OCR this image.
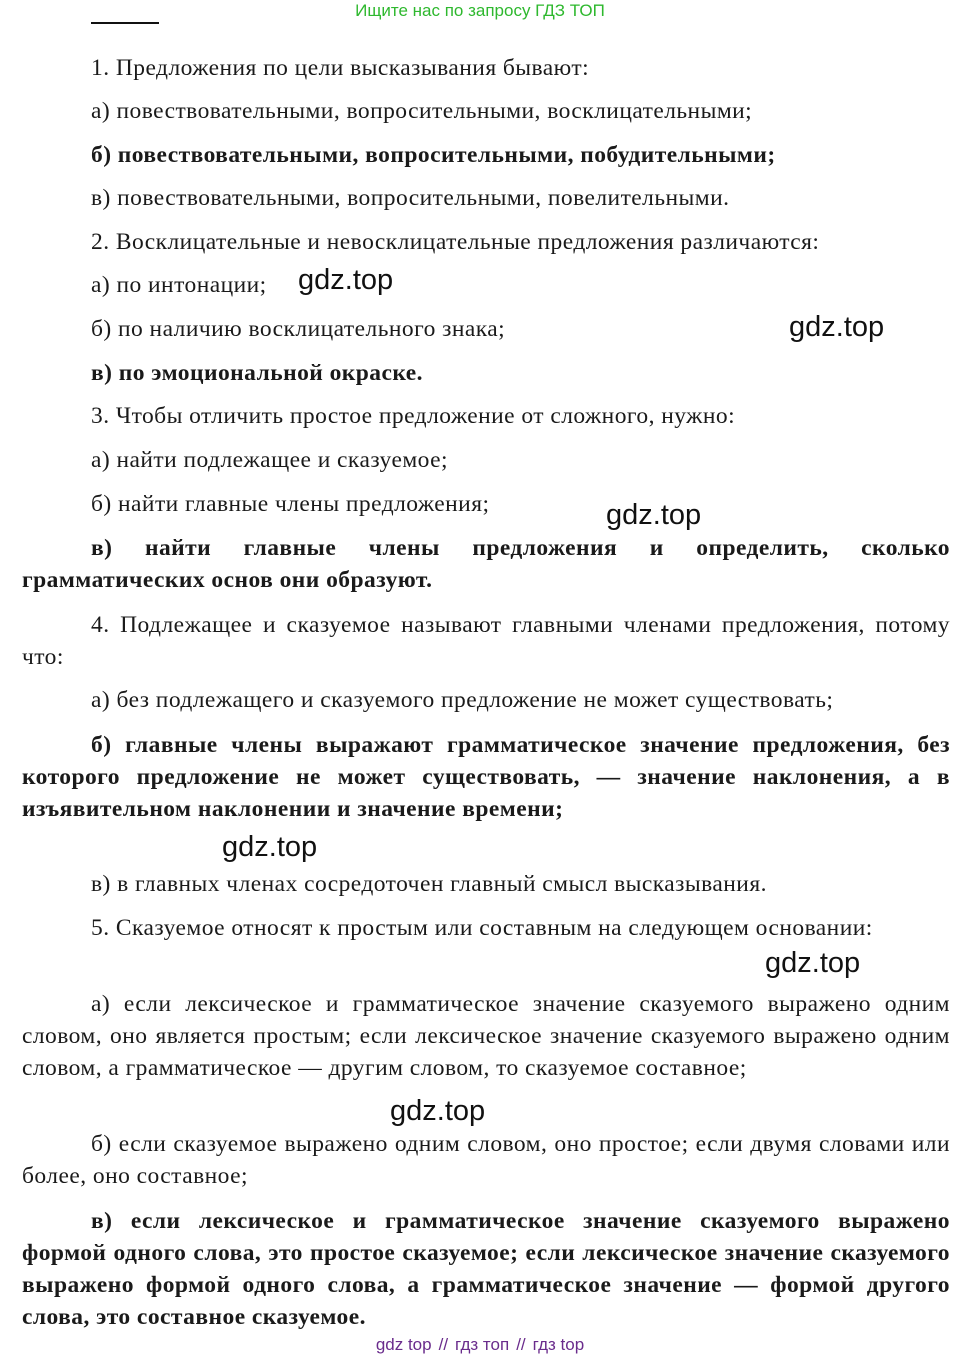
Ищите нас по запросу ГДЗ ТОП
1. Предложения по цели высказывания бывают:
а) повествовательными, вопросительными, восклицательными;
б) повествовательными, вопросительными, побудительными;
в) повествовательными, вопросительными, повелительными.
2. Восклицательные и невосклицательные предложения различаются:
а) по интонации;
б) по наличию восклицательного знака;
в) по эмоциональной окраске.
3. Чтобы отличить простое предложение от сложного, нужно:
а) найти подлежащее и сказуемое;
б) найти главные члены предложения;
в) найти главные члены предложения и определить, сколько грамматических основ они образуют.
4. Подлежащее и сказуемое называют главными членами предложения, потому что:
а) без подлежащего и сказуемого предложение не может существовать;
б) главные члены выражают грамматическое значение предложения, без которого предложение не может существовать, — значение наклонения, а в изъявительном наклонении и значение времени;
в) в главных членах сосредоточен главный смысл высказывания.
5. Сказуемое относят к простым или составным на следующем основании:
а) если лексическое и грамматическое значение сказуемого выражено одним словом, оно является простым; если лексическое значение сказуемого выражено одним словом, а грамматическое — другим словом, то сказуемое составное;
б) если сказуемое выражено одним словом, оно простое; если двумя словами или более, оно составное;
в) если лексическое и грамматическое значение сказуемого выражено формой одного слова, это простое сказуемое; если лексическое значение сказуемого выражено формой одного слова, а грамматическое значение — формой другого слова, это составное сказуемое.
gdz.top
gdz.top
gdz.top
gdz.top
gdz.top
gdz.top
gdz top // гдз топ // гдз top
